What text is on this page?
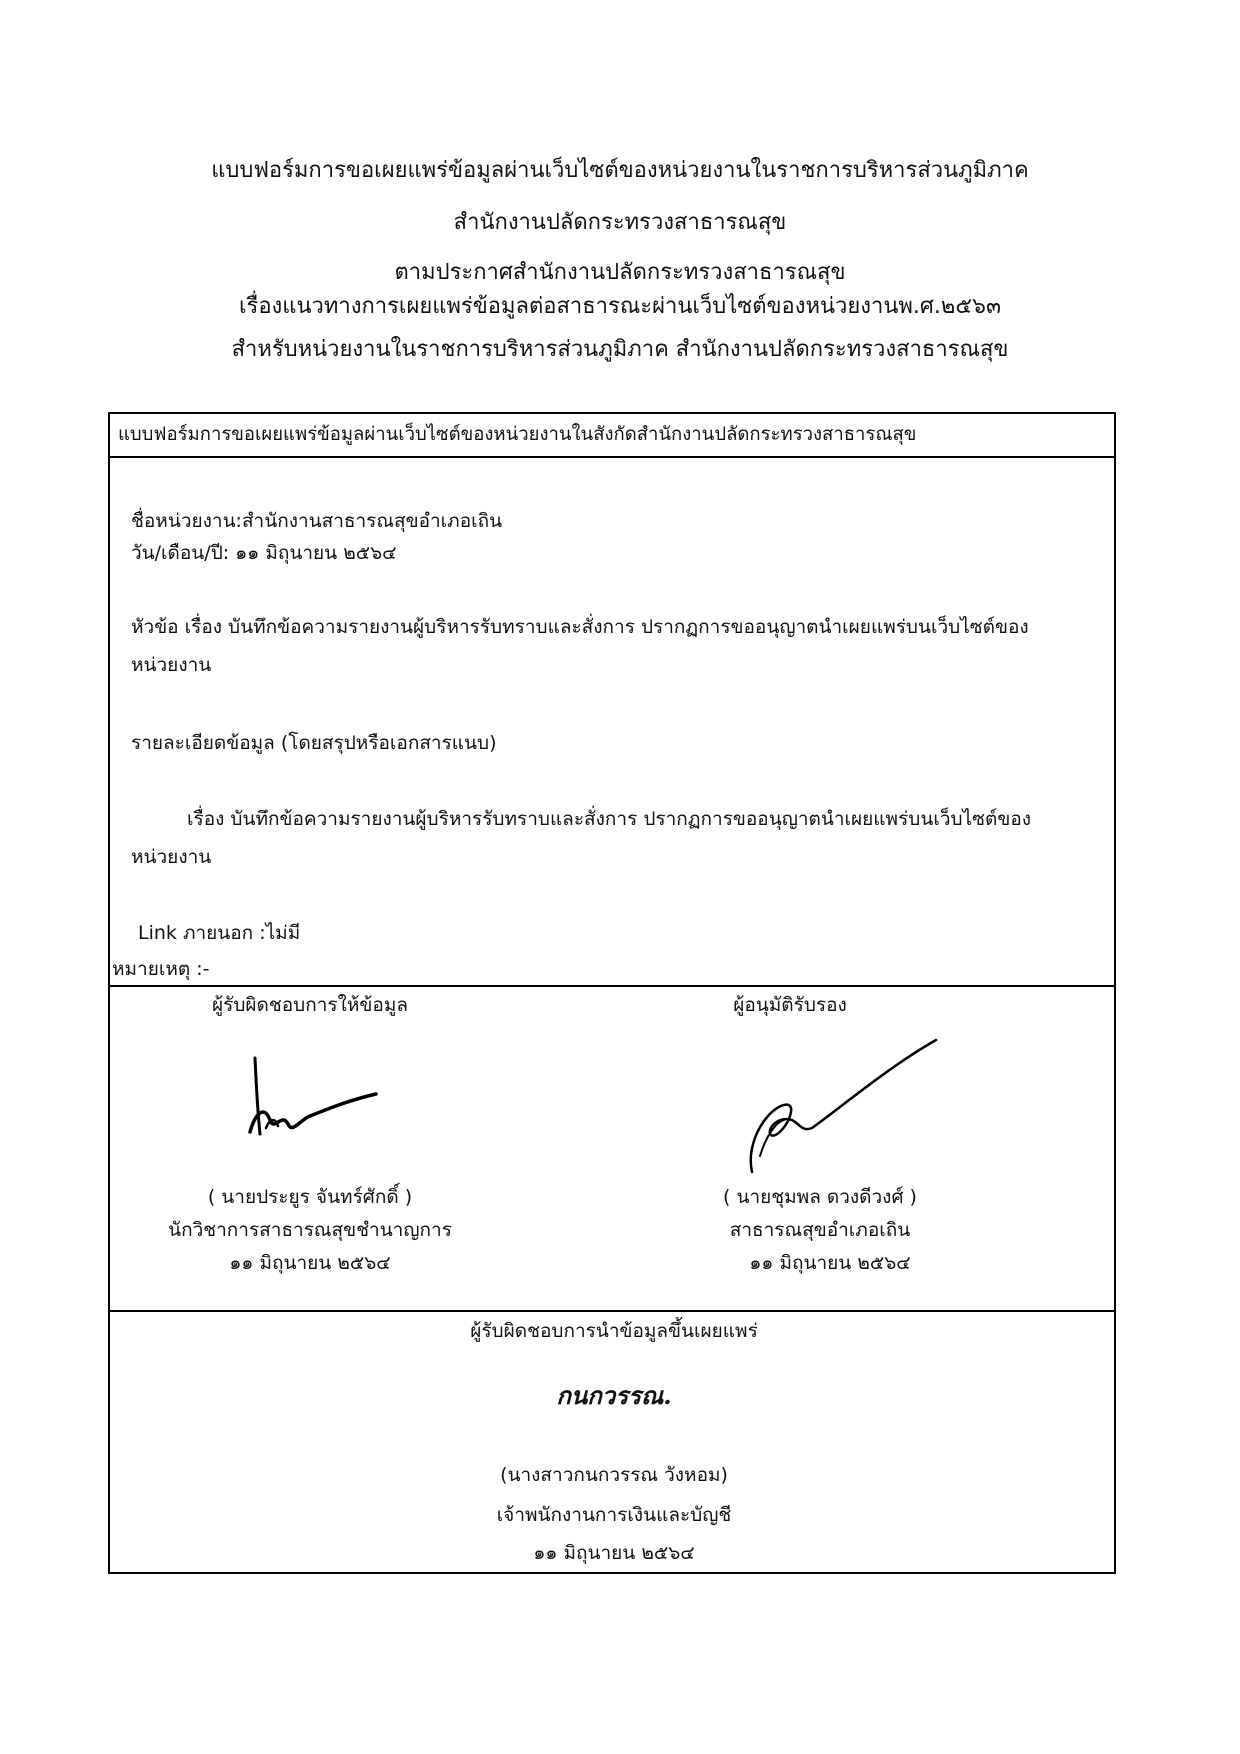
แบบฟอร์มการขอเผยแพร่ข้อมูลผ่านเว็บไซต์ของหน่วยงานในราชการบริหารส่วนภูมิภาค
สำนักงานปลัดกระทรวงสาธารณสุข
ตามประกาศสำนักงานปลัดกระทรวงสาธารณสุข
เรื่องแนวทางการเผยแพร่ข้อมูลต่อสาธารณะผ่านเว็บไซต์ของหน่วยงานพ.ศ.๒๕๖๓
สำหรับหน่วยงานในราชการบริหารส่วนภูมิภาค สำนักงานปลัดกระทรวงสาธารณสุข
แบบฟอร์มการขอเผยแพร่ข้อมูลผ่านเว็บไซต์ของหน่วยงานในสังกัดสำนักงานปลัดกระทรวงสาธารณสุข
ชื่อหน่วยงาน:สำนักงานสาธารณสุขอำเภอเถิน
วัน/เดือน/ปี: ๑๑ มิถุนายน ๒๕๖๔
หัวข้อ เรื่อง บันทึกข้อความรายงานผู้บริหารรับทราบและสั่งการ ปรากฏการขออนุญาตนำเผยแพร่บนเว็บไซต์ของ
หน่วยงาน
รายละเอียดข้อมูล (โดยสรุปหรือเอกสารแนบ)
เรื่อง บันทึกข้อความรายงานผู้บริหารรับทราบและสั่งการ ปรากฏการขออนุญาตนำเผยแพร่บนเว็บไซต์ของ
หน่วยงาน
Link ภายนอก :ไม่มี
หมายเหตุ :-
ผู้รับผิดชอบการให้ข้อมูล
( นายประยูร จันทร์ศักดิ์ )
นักวิชาการสาธารณสุขชำนาญการ
๑๑ มิถุนายน ๒๕๖๔
ผู้อนุมัติรับรอง
( นายชุมพล ดวงดีวงศ์ )
สาธารณสุขอำเภอเถิน
๑๑ มิถุนายน ๒๕๖๔
ผู้รับผิดชอบการนำข้อมูลขึ้นเผยแพร่
กนกวรรณ.
(นางสาวกนกวรรณ วังหอม)
เจ้าพนักงานการเงินและบัญชี
๑๑ มิถุนายน ๒๕๖๔
